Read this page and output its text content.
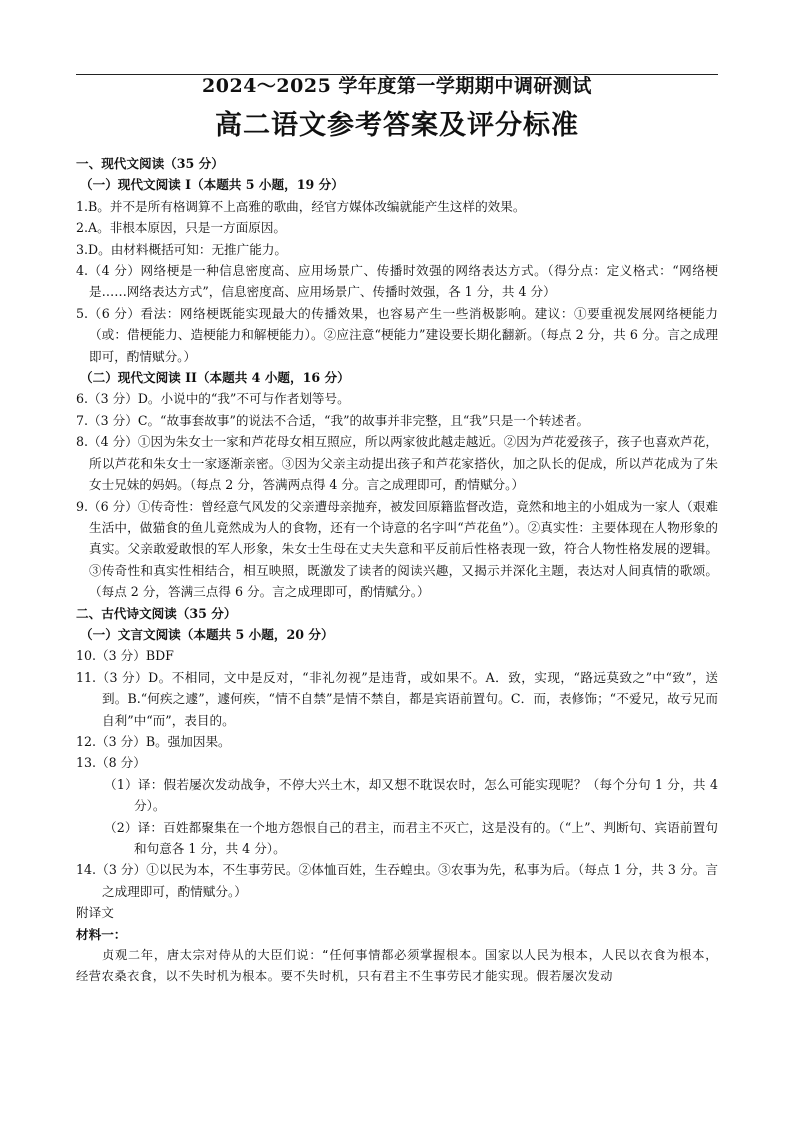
2024～2025 学年度第一学期期中调研测试
高二语文参考答案及评分标准
一、现代文阅读（35 分）
（一）现代文阅读 I（本题共 5 小题，19 分）
1.B。并不是所有格调算不上高雅的歌曲，经官方媒体改编就能产生这样的效果。
2.A。非根本原因，只是一方面原因。
3.D。由材料概括可知：无推广能力。
4.（4 分）网络梗是一种信息密度高、应用场景广、传播时效强的网络表达方式。（得分点：定义格式：“网络梗是……网络表达方式”，信息密度高、应用场景广、传播时效强，各 1 分，共 4 分）
5.（6 分）看法：网络梗既能实现最大的传播效果，也容易产生一些消极影响。建议：①要重视发展网络梗能力（或：借梗能力、造梗能力和解梗能力）。②应注意“梗能力”建设要长期化翻新。（每点 2 分，共 6 分。言之成理即可，酌情赋分。）
（二）现代文阅读 II（本题共 4 小题，16 分）
6.（3 分）D。小说中的“我”不可与作者划等号。
7.（3 分）C。“故事套故事”的说法不合适，“我”的故事并非完整，且“我”只是一个转述者。
8.（4 分）①因为朱女士一家和芦花母女相互照应，所以两家彼此越走越近。②因为芦花爱孩子，孩子也喜欢芦花，所以芦花和朱女士一家逐渐亲密。③因为父亲主动提出孩子和芦花家搭伙，加之队长的促成，所以芦花成为了朱女士兄妹的妈妈。（每点 2 分，答满两点得 4 分。言之成理即可，酌情赋分。）
9.（6 分）①传奇性：曾经意气风发的父亲遭母亲抛弃，被发回原籍监督改造，竟然和地主的小姐成为一家人（艰难生活中，做猫食的鱼儿竟然成为人的食物，还有一个诗意的名字叫“芦花鱼”）。②真实性：主要体现在人物形象的真实。父亲敢爱敢恨的军人形象，朱女士生母在丈夫失意和平反前后性格表现一致，符合人物性格发展的逻辑。③传奇性和真实性相结合，相互映照，既激发了读者的阅读兴趣，又揭示并深化主题，表达对人间真情的歌颂。（每点 2 分，答满三点得 6 分。言之成理即可，酌情赋分。）
二、古代诗文阅读（35 分）
（一）文言文阅读（本题共 5 小题，20 分）
10.（3 分）BDF
11.（3 分）D。不相同，文中是反对，“非礼勿视”是违背，或如果不。A．致，实现，“路远莫致之”中“致”，送到。B.“何疾之遽”，遽何疾，“情不自禁”是情不禁自，都是宾语前置句。C．而，表修饰；“不爱兄，故亏兄而自利”中“而”，表目的。
12.（3 分）B。强加因果。
13.（8 分）
（1）译：假若屡次发动战争，不停大兴土木，却又想不耽误农时，怎么可能实现呢？（每个分句 1 分，共 4 分）。
（2）译：百姓都聚集在一个地方怨恨自己的君主，而君主不灭亡，这是没有的。（“上”、判断句、宾语前置句和句意各 1 分，共 4 分）。
14.（3 分）①以民为本，不生事劳民。②体恤百姓，生吞蝗虫。③农事为先，私事为后。（每点 1 分，共 3 分。言之成理即可，酌情赋分。）
附译文
材料一：
贞观二年，唐太宗对侍从的大臣们说：“任何事情都必须掌握根本。国家以人民为根本，人民以衣食为根本，经营农桑衣食，以不失时机为根本。要不失时机，只有君主不生事劳民才能实现。假若屡次发动
